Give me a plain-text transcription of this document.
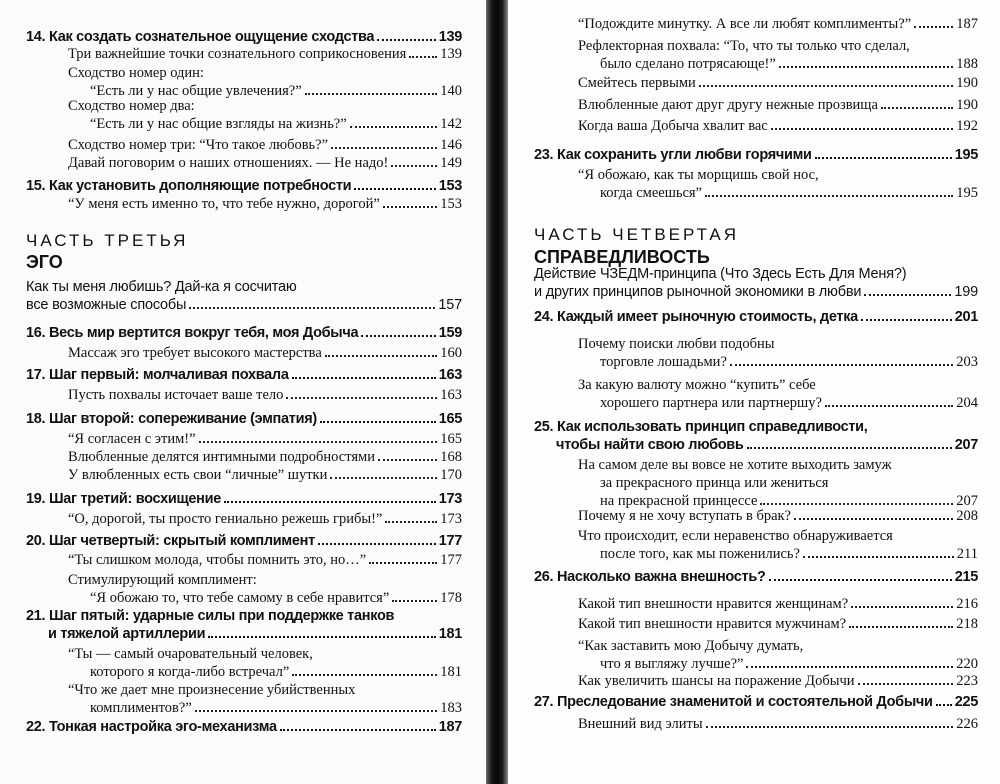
ЧАСТЬ ТРЕТЬЯ
ЭГО
14. Как создать сознательное ощущение сходства	139
Три важнейшие точки сознательного соприкосновения 139
Сходство номер один:
“Есть ли у нас общие увлечения?”	140
Сходство номер два:
“Есть ли у нас общие взгляды на жизнь?”	142
Сходство номер три: “Что такое любовь?”	146
Давай поговорим о наших отношениях. — Не надо!	149
15. Как установить дополняющие потребности	153
“У меня есть именно то, что тебе нужно, дорогой”	153
Как ты меня любишь? Дай-ка я сосчитаю
все возможные способы	157
16. Весь мир вертится вокруг тебя, моя Добыча	159
Массаж эго требует высокого мастерства	160
17. Шаг первый: молчаливая похвала	163
Пусть похвалы источает ваше тело	163
18. Шаг второй: сопереживание (эмпатия)	165
“Я согласен с этим!”	165
Влюбленные делятся интимными подробностями	168
У влюбленных есть свои “личные” шутки	170
19. Шаг третий: восхищение	173
“О, дорогой, ты просто гениально режешь грибы!”	173
20. Шаг четвертый: скрытый комплимент	177
“Ты слишком молода, чтобы помнить это, но…”	177
Стимулирующий комплимент:
“Я обожаю то, что тебе самому в себе нравится”	178
21. Шаг пятый: ударные силы при поддержке танков
и тяжелой артиллерии	181
“Ты — самый очаровательный человек,
которого я когда-либо встречал”	181
“Что же дает мне произнесение убийственных
комплиментов?”	183
22. Тонкая настройка эго-механизма	187
ЧАСТЬ ЧЕТВЕРТАЯ
СПРАВЕДЛИВОСТЬ
“Подождите минутку. А все ли любят комплименты?”	187
Рефлекторная похвала: “То, что ты только что сделал,
было сделано потрясающе!”	188
Смейтесь первыми	190
Влюбленные дают друг другу нежные прозвища	190
Когда ваша Добыча хвалит вас	192
23. Как сохранить угли любви горячими	195
“Я обожаю, как ты морщишь свой нос,
когда смеешься”	195
Действие ЧЗЕДМ-принципа (Что Здесь Есть Для Меня?)
и других принципов рыночной экономики в любви	199
24. Каждый имеет рыночную стоимость, детка	201
Почему поиски любви подобны
торговле лошадьми?	203
За какую валюту можно “купить” себе
хорошего партнера или партнершу?	204
25. Как использовать принцип справедливости,
чтобы найти свою любовь	207
На самом деле вы вовсе не хотите выходить замуж
за прекрасного принца или жениться
на прекрасной принцессе	207
Почему я не хочу вступать в брак?	208
Что происходит, если неравенство обнаруживается
после того, как мы поженились?	211
26. Насколько важна внешность?	215
Какой тип внешности нравится женщинам?	216
Какой тип внешности нравится мужчинам?	218
“Как заставить мою Добычу думать,
что я выгляжу лучше?”	220
Как увеличить шансы на поражение Добычи	223
27. Преследование знаменитой и состоятельной Добычи 225
Внешний вид элиты	226
